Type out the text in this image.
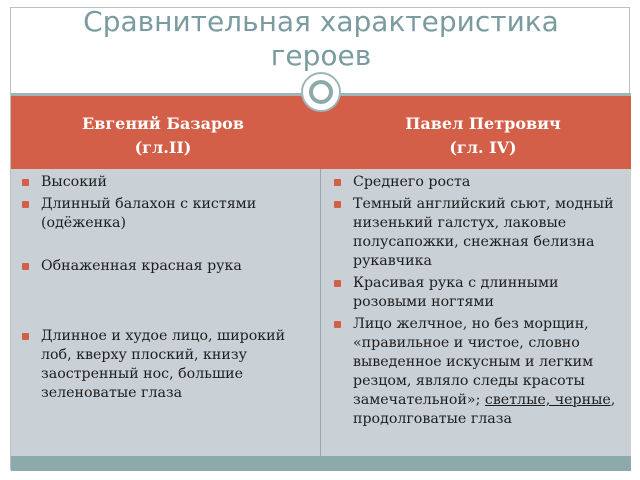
Сравнительная характеристика
героев
Евгений Базаров
(гл.II)
Павел Петрович
(гл. IV)
Высокий
Длинный балахон с кистями (одёженка)
Обнаженная красная рука
Длинное и худое лицо, широкий лоб, кверху плоский, книзу заостренный нос, большие зеленоватые глаза
Среднего роста
Темный английский сьют, модный низенький галстух, лаковые полусапожки, снежная белизна рукавчика
Красивая рука с длинными розовыми ногтями
Лицо желчное, но без морщин, «правильное и чистое, словно выведенное искусным и легким резцом, являло следы красоты замечательной»; светлые, черные, продолговатые глаза
